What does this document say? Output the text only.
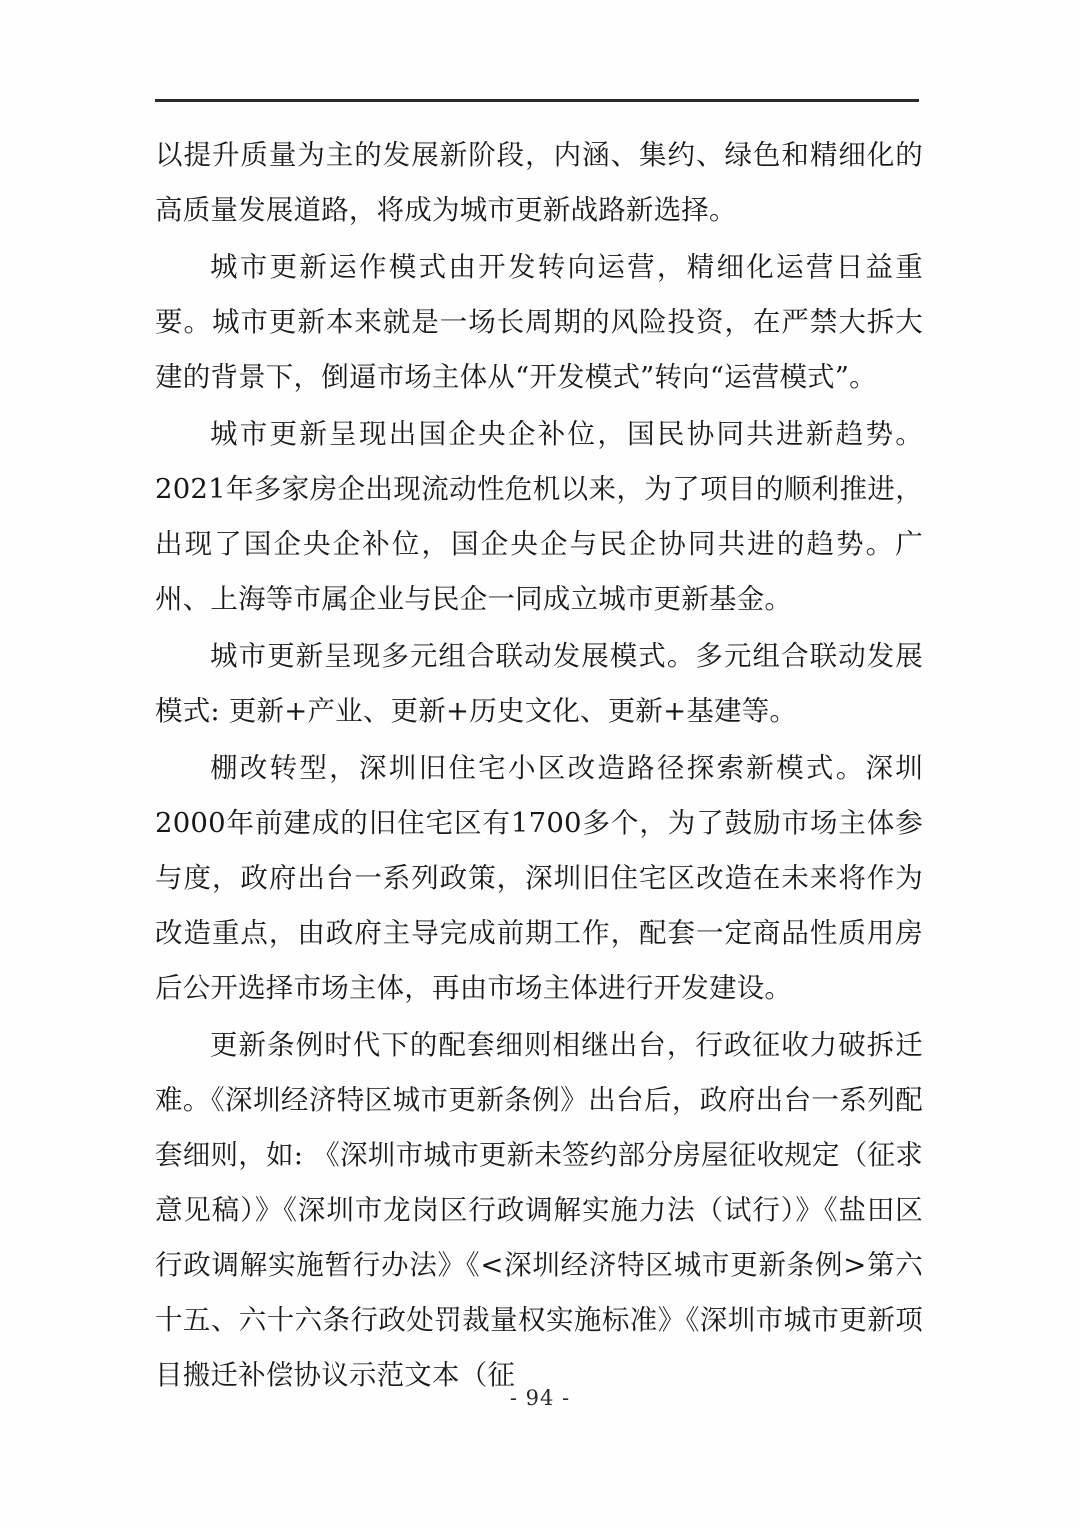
以提升质量为主的发展新阶段，内涵、集约、绿色和精细化的高质量发展道路，将成为城市更新战路新选择。

城市更新运作模式由开发转向运营，精细化运营日益重要。城市更新本来就是一场长周期的风险投资，在严禁大拆大建的背景下，倒逼市场主体从“开发模式”转向“运营模式”。

城市更新呈现出国企央企补位，国民协同共进新趋势。2021年多家房企出现流动性危机以来，为了项目的顺利推进，出现了国企央企补位，国企央企与民企协同共进的趋势。广州、上海等市属企业与民企一同成立城市更新基金。

城市更新呈现多元组合联动发展模式。多元组合联动发展模式: 更新+产业、更新+历史文化、更新+基建等。

棚改转型，深圳旧住宅小区改造路径探索新模式。深圳2000年前建成的旧住宅区有1700多个，为了鼓励市场主体参与度，政府出台一系列政策，深圳旧住宅区改造在未来将作为改造重点，由政府主导完成前期工作，配套一定商品性质用房后公开选择市场主体，再由市场主体进行开发建设。

更新条例时代下的配套细则相继出台，行政征收力破拆迁难。《深圳经济特区城市更新条例》出台后，政府出台一系列配套细则，如: 《深圳市城市更新未签约部分房屋征收规定（征求意见稿）》《深圳市龙岗区行政调解实施力法（试行）》《盐田区行政调解实施暂行办法》《<深圳经济特区城市更新条例>第六十五、六十六条行政处罚裁量权实施标准》《深圳市城市更新项目搬迁补偿协议示范文本（征

- 94 -
